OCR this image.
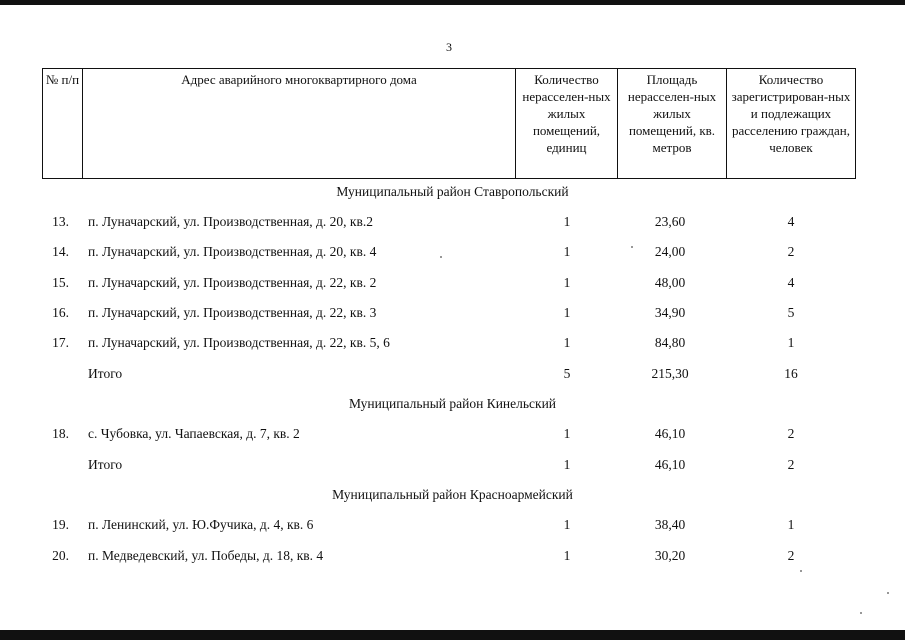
3
№ п/п	Адрес аварийного многоквартирного дома	Количество нерасселен-ных жилых помещений, единиц	Площадь нерасселен-ных жилых помещений, кв. метров	Количество зарегистрирован-ных и подлежащих расселению граждан, человек
Муниципальный район Ставропольский
13. п. Луначарский, ул. Производственная, д. 20, кв.2	1	23,60	4
14. п. Луначарский, ул. Производственная, д. 20, кв. 4	1	24,00	2
15. п. Луначарский, ул. Производственная, д. 22, кв. 2	1	48,00	4
16. п. Луначарский, ул. Производственная, д. 22, кв. 3	1	34,90	5
17. п. Луначарский, ул. Производственная, д. 22, кв. 5, 6	1	84,80	1
Итого	5	215,30	16
Муниципальный район Кинельский
18. с. Чубовка, ул. Чапаевская, д. 7, кв. 2	1	46,10	2
Итого	1	46,10	2
Муниципальный район Красноармейский
19. п. Ленинский, ул. Ю.Фучика, д. 4, кв. 6	1	38,40	1
20. п. Медведевский, ул. Победы, д. 18, кв. 4	1	30,20	2
